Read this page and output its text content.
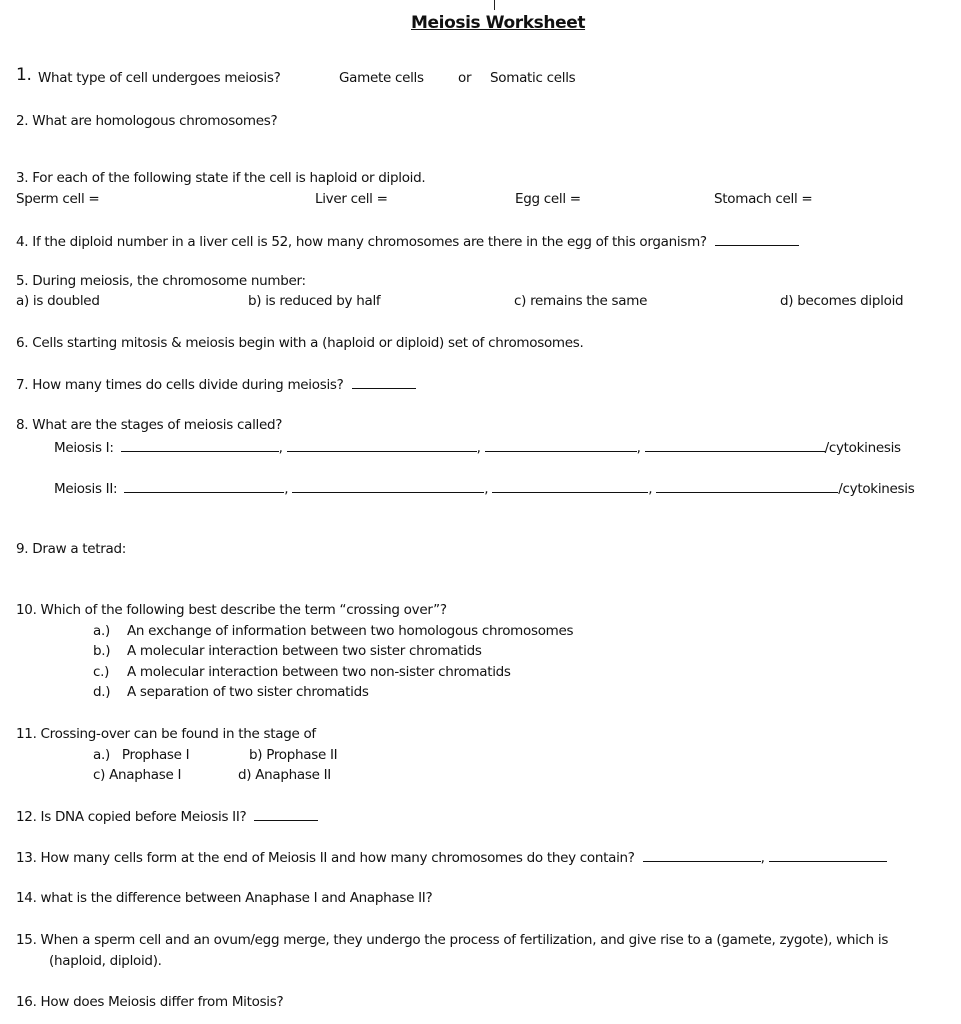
Meiosis Worksheet
1. What type of cell undergoes meiosis?	Gamete cells	or Somatic cells
2. What are homologous chromosomes?
3. For each of the following state if the cell is haploid or diploid.
Sperm cell =	Liver cell =	Egg cell =	Stomach cell =
4. If the diploid number in a liver cell is 52, how many chromosomes are there in the egg of this organism?
5. During meiosis, the chromosome number:
a) is doubled	b) is reduced by half	c) remains the same	d) becomes diploid
6. Cells starting mitosis & meiosis begin with a (haploid or diploid) set of chromosomes.
7. How many times do cells divide during meiosis?
8. What are the stages of meiosis called?
Meiosis I:	,	,	,	/cytokinesis
Meiosis II:	,	,	,	/cytokinesis
9. Draw a tetrad:
10. Which of the following best describe the term “crossing over”?
a.) An exchange of information between two homologous chromosomes
b.) A molecular interaction between two sister chromatids
c.) A molecular interaction between two non-sister chromatids
d.) A separation of two sister chromatids
11. Crossing-over can be found in the stage of
a.)   Prophase I	b) Prophase II
c) Anaphase I	d) Anaphase II
12. Is DNA copied before Meiosis II?
13. How many cells form at the end of Meiosis II and how many chromosomes do they contain?	,
14. what is the difference between Anaphase I and Anaphase II?
15. When a sperm cell and an ovum/egg merge, they undergo the process of fertilization, and give rise to a (gamete, zygote), which is
(haploid, diploid).
16. How does Meiosis differ from Mitosis?
